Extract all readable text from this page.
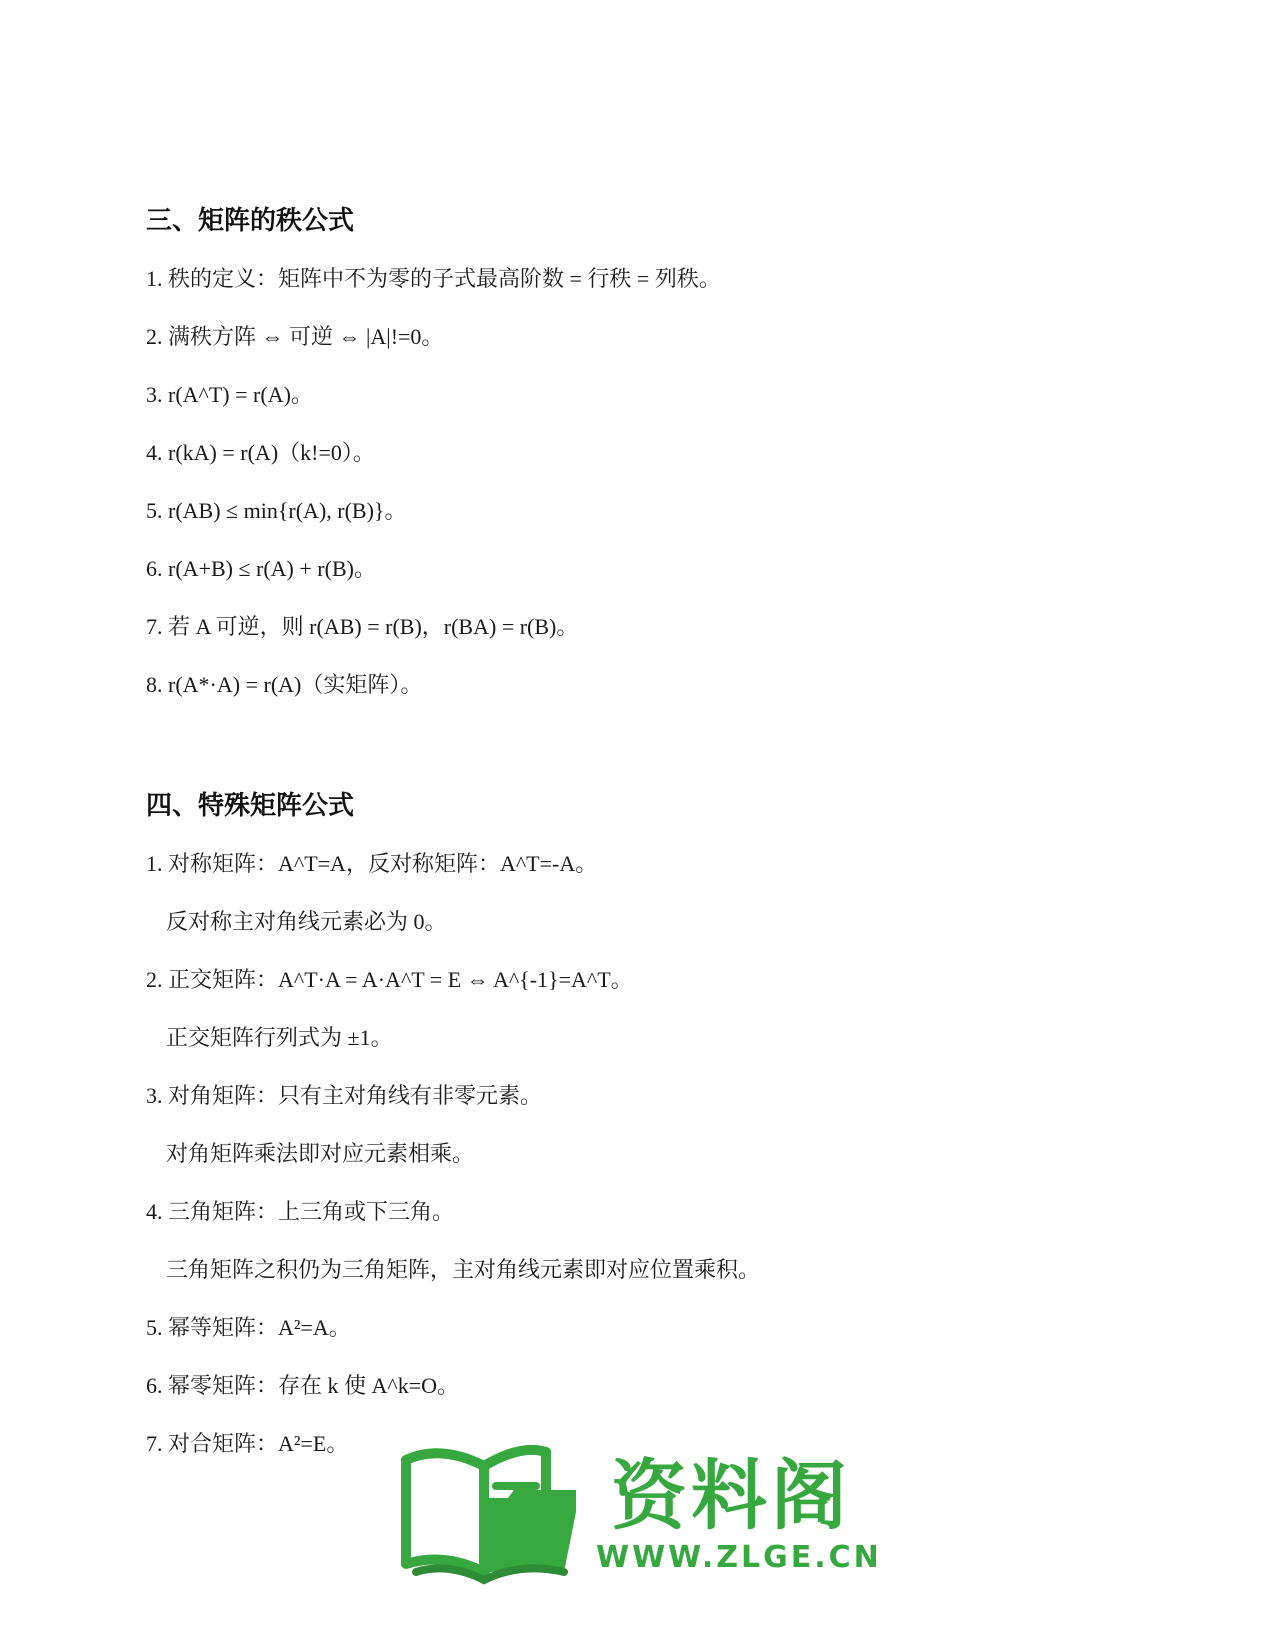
三、矩阵的秩公式
1. 秩的定义：矩阵中不为零的子式最高阶数 = 行秩 = 列秩。
2. 满秩方阵 ⇔ 可逆 ⇔ |A|!=0。
3. r(A^T) = r(A)。
4. r(kA) = r(A)（k!=0）。
5. r(AB) ≤ min{r(A), r(B)}。
6. r(A+B) ≤ r(A) + r(B)。
7. 若 A 可逆，则 r(AB) = r(B)，r(BA) = r(B)。
8. r(A*·A) = r(A)（实矩阵）。
四、特殊矩阵公式
1. 对称矩阵：A^T=A，反对称矩阵：A^T=-A。
反对称主对角线元素必为 0。
2. 正交矩阵：A^T·A = A·A^T = E ⇔ A^{-1}=A^T。
正交矩阵行列式为 ±1。
3. 对角矩阵：只有主对角线有非零元素。
对角矩阵乘法即对应元素相乘。
4. 三角矩阵：上三角或下三角。
三角矩阵之积仍为三角矩阵，主对角线元素即对应位置乘积。
5. 幂等矩阵：A²=A。
6. 幂零矩阵：存在 k 使 A^k=O。
7. 对合矩阵：A²=E。
资料阁
WWW.ZLGE.CN
